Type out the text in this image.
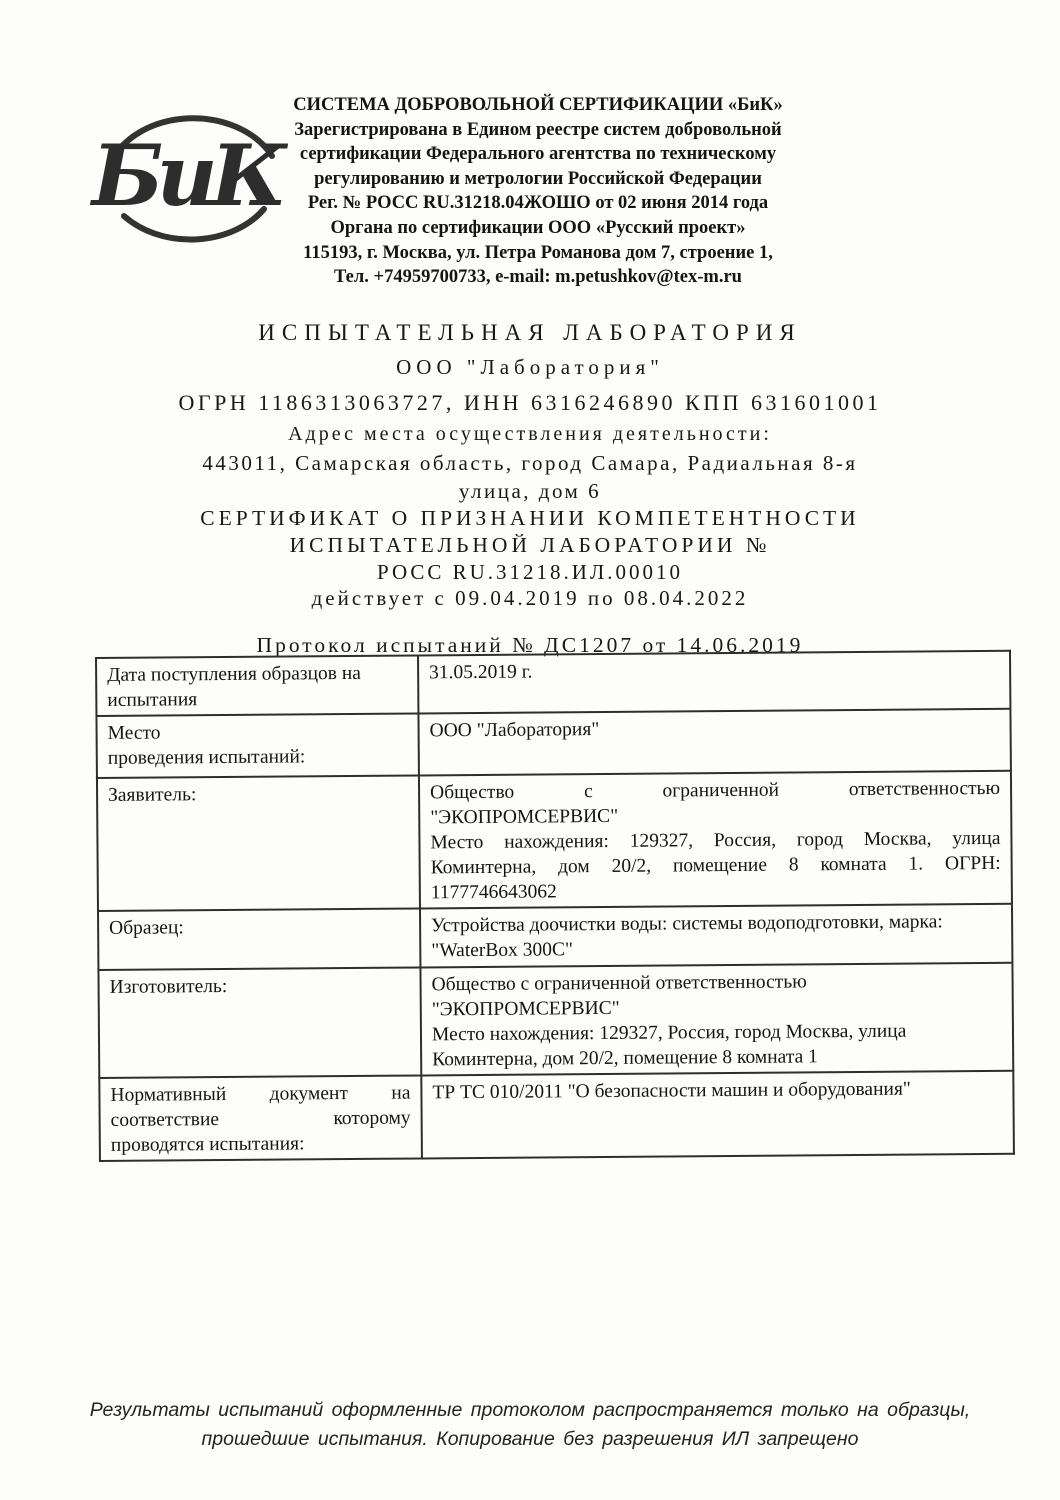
БиК
СИСТЕМА ДОБРОВОЛЬНОЙ СЕРТИФИКАЦИИ «БиК»
Зарегистрирована в Едином реестре систем добровольной
сертификации Федерального агентства по техническому
регулированию и метрологии Российской Федерации
Рег. № РОСС RU.31218.04ЖОШО от 02 июня 2014 года
Органа по сертификации ООО «Русский проект»
115193, г. Москва, ул. Петра Романова дом 7, строение 1,
Тел. +74959700733, e-mail: m.petushkov@tex-m.ru
ИСПЫТАТЕЛЬНАЯ ЛАБОРАТОРИЯ
ООО "Лаборатория"
ОГРН 1186313063727, ИНН 6316246890 КПП 631601001
Адрес места осуществления деятельности:
443011, Самарская область, город Самара, Радиальная 8-я
улица, дом 6
СЕРТИФИКАТ О ПРИЗНАНИИ КОМПЕТЕНТНОСТИ
ИСПЫТАТЕЛЬНОЙ ЛАБОРАТОРИИ №
РОСС RU.31218.ИЛ.00010
действует с 09.04.2019 по 08.04.2022
Протокол испытаний № ДС1207 от 14.06.2019
Дата поступления образцов на
испытания	31.05.2019 г.

Место
проведения испытаний:	ООО "Лаборатория"

Заявитель:	Общество с ограниченной ответственностью
"ЭКОПРОМСЕРВИС"
Место нахождения: 129327, Россия, город Москва, улица
Коминтерна, дом 20/2, помещение 8 комната 1. ОГРН:
1177746643062

Образец:	Устройства доочистки воды: системы водоподготовки, марка:
"WaterBox 300C"

Изготовитель:	Общество с ограниченной ответственностью
"ЭКОПРОМСЕРВИС"
Место нахождения: 129327, Россия, город Москва, улица
Коминтерна, дом 20/2, помещение 8 комната 1

Нормативный документ на
соответствие которому
проводятся испытания:	ТР ТС 010/2011 "О безопасности машин и оборудования"
Результаты испытаний оформленные протоколом распространяется только на образцы,
прошедшие испытания. Копирование без разрешения ИЛ запрещено
